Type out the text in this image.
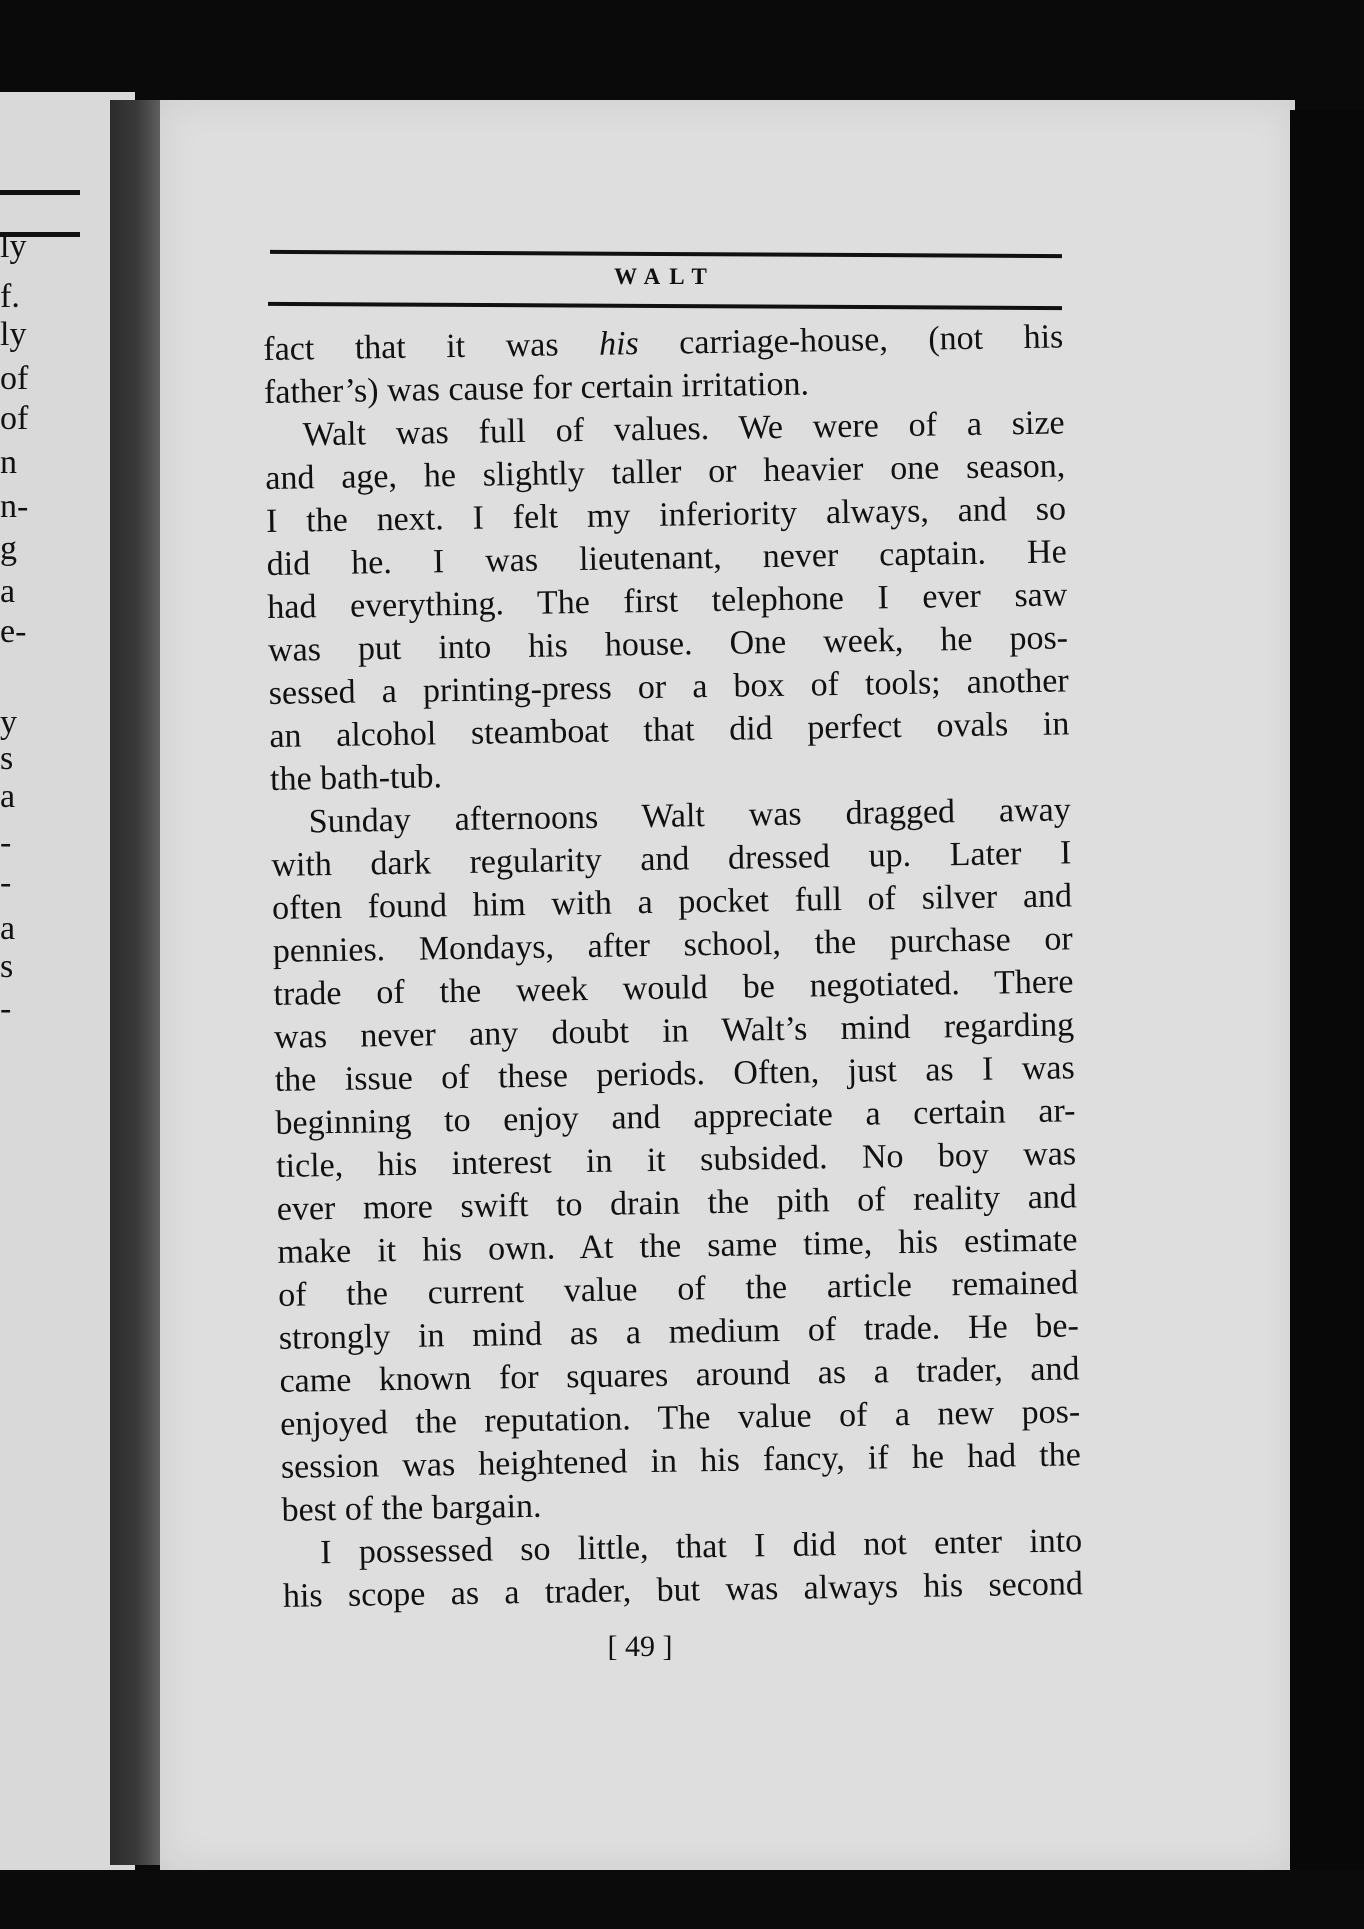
ly
f.
ly
of
of
n
n-
g
a
e-
y
s
a
-
-
a
s
-
WALT

fact that it was his carriage-house, (not his
father’s) was cause for certain irritation.

Walt was full of values. We were of a size
and age, he slightly taller or heavier one season,
I the next. I felt my inferiority always, and so
did he. I was lieutenant, never captain. He
had everything. The first telephone I ever saw
was put into his house. One week, he pos-
sessed a printing-press or a box of tools; another
an alcohol steamboat that did perfect ovals in
the bath-tub.

Sunday afternoons Walt was dragged away
with dark regularity and dressed up. Later I
often found him with a pocket full of silver and
pennies. Mondays, after school, the purchase or
trade of the week would be negotiated. There
was never any doubt in Walt’s mind regarding
the issue of these periods. Often, just as I was
beginning to enjoy and appreciate a certain ar-
ticle, his interest in it subsided. No boy was
ever more swift to drain the pith of reality and
make it his own. At the same time, his estimate
of the current value of the article remained
strongly in mind as a medium of trade. He be-
came known for squares around as a trader, and
enjoyed the reputation. The value of a new pos-
session was heightened in his fancy, if he had the
best of the bargain.

I possessed so little, that I did not enter into
his scope as a trader, but was always his second

[ 49 ]
